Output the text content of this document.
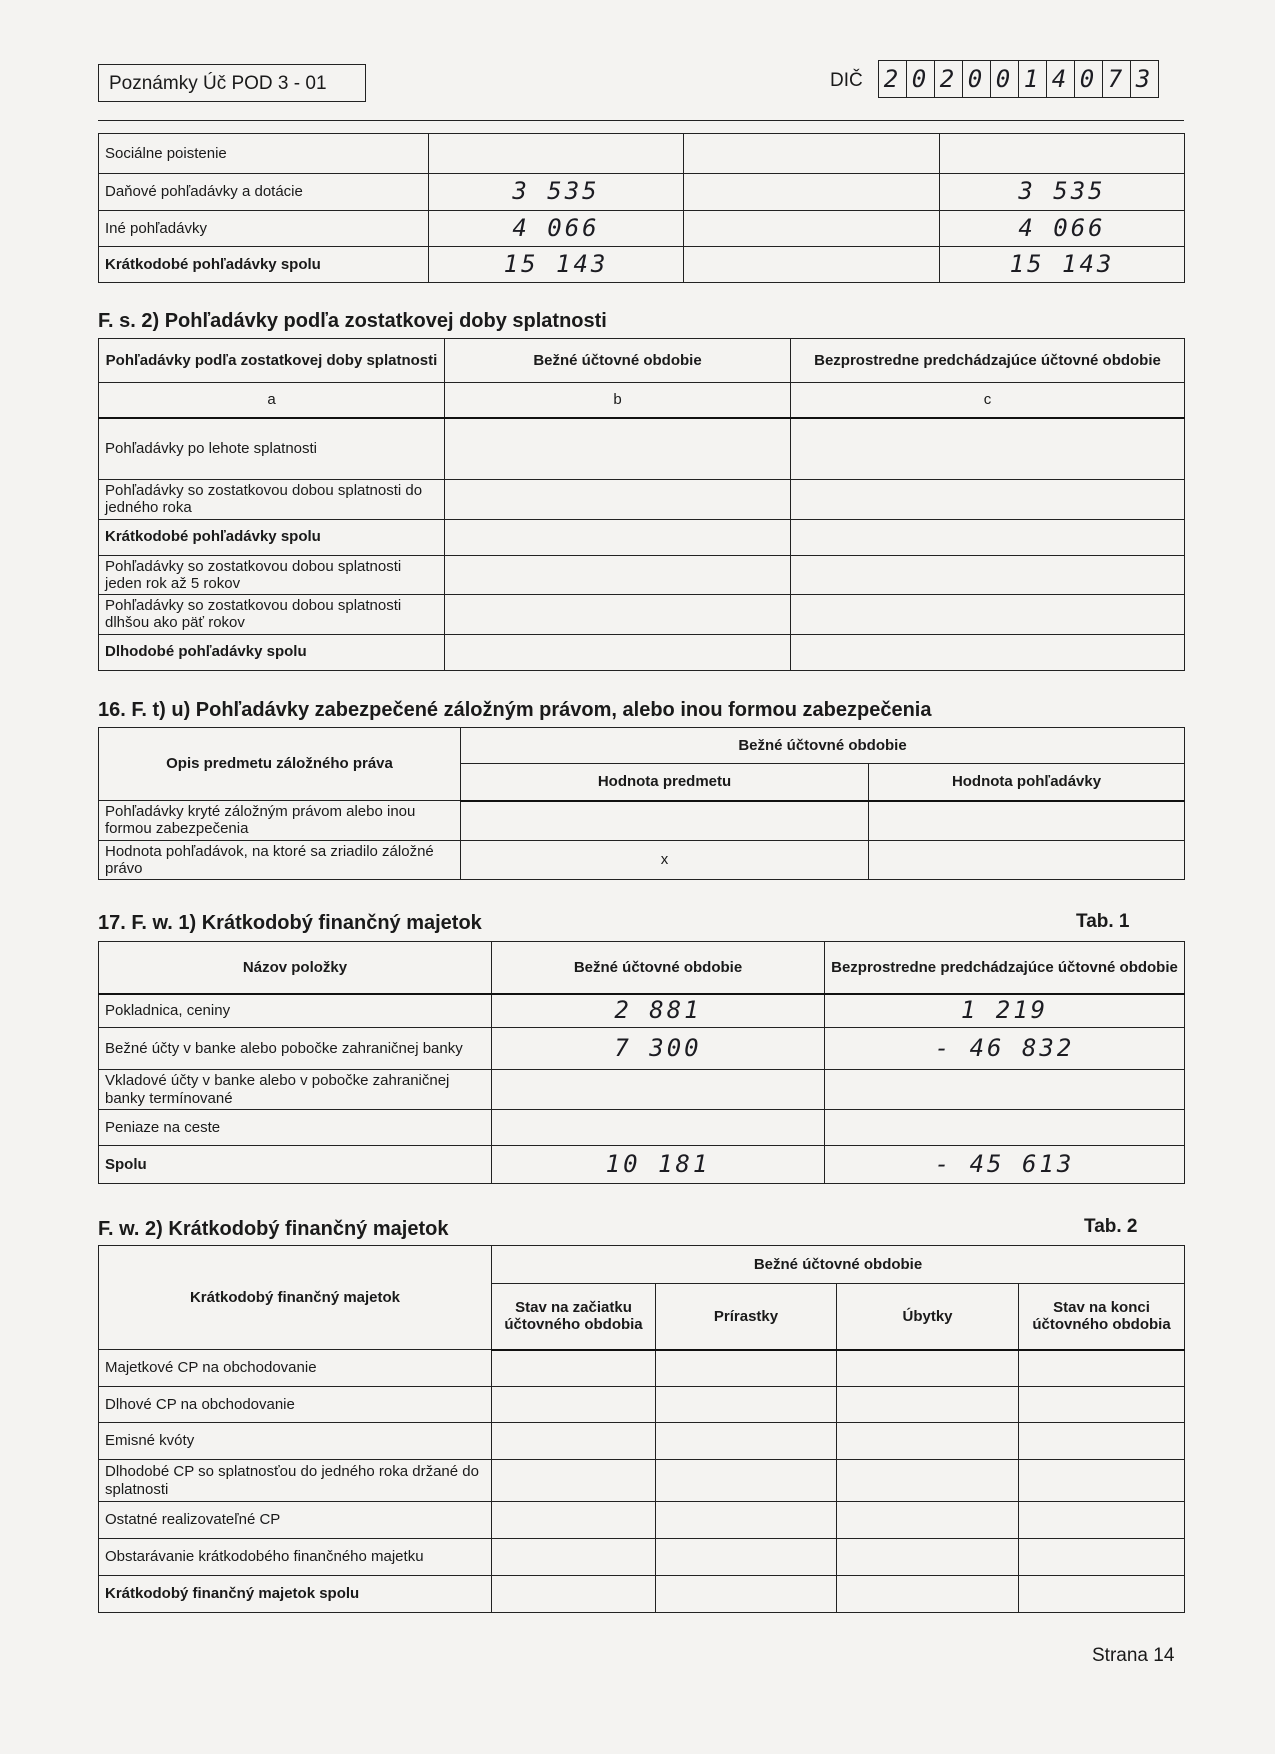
Poznámky Úč POD 3 - 01	DIČ 2 0 2 0 0 1 4 0 7 3
Sociálne poistenie			
Daňové pohľadávky a dotácie	3 535		3 535
Iné pohľadávky	4 066		4 066
Krátkodobé pohľadávky spolu	15 143		15 143
F. s. 2) Pohľadávky podľa zostatkovej doby splatnosti
Pohľadávky podľa zostatkovej doby splatnosti	Bežné účtovné obdobie	Bezprostredne predchádzajúce účtovné obdobie
a	b	c
Pohľadávky po lehote splatnosti		
Pohľadávky so zostatkovou dobou splatnosti do jedného roka		
Krátkodobé pohľadávky spolu		
Pohľadávky so zostatkovou dobou splatnosti jeden rok až 5 rokov		
Pohľadávky so zostatkovou dobou splatnosti dlhšou ako päť rokov		
Dlhodobé pohľadávky spolu		
16. F. t) u) Pohľadávky zabezpečené záložným právom, alebo inou formou zabezpečenia
Opis predmetu záložného práva	Bežné účtovné obdobie	
	Hodnota predmetu	Hodnota pohľadávky
Pohľadávky kryté záložným právom alebo inou formou zabezpečenia		
Hodnota pohľadávok, na ktoré sa zriadilo záložné právo	x	
17. F. w. 1) Krátkodobý finančný majetok	Tab. 1
Názov položky	Bežné účtovné obdobie	Bezprostredne predchádzajúce účtovné obdobie
Pokladnica, ceniny	2 881	1 219
Bežné účty v banke alebo pobočke zahraničnej banky	7 300	- 46 832
Vkladové účty v banke alebo v pobočke zahraničnej banky termínované		
Peniaze na ceste		
Spolu	10 181	- 45 613
F. w. 2) Krátkodobý finančný majetok	Tab. 2
Krátkodobý finančný majetok	Bežné účtovné obdobie			
	Stav na začiatku účtovného obdobia	Prírastky	Úbytky	Stav na konci účtovného obdobia
Majetkové CP na obchodovanie				
Dlhové CP na obchodovanie				
Emisné kvóty				
Dlhodobé CP so splatnosťou do jedného roka držané do splatnosti				
Ostatné realizovateľné CP				
Obstarávanie krátkodobého finančného majetku				
Krátkodobý finančný majetok spolu				
Strana 14
